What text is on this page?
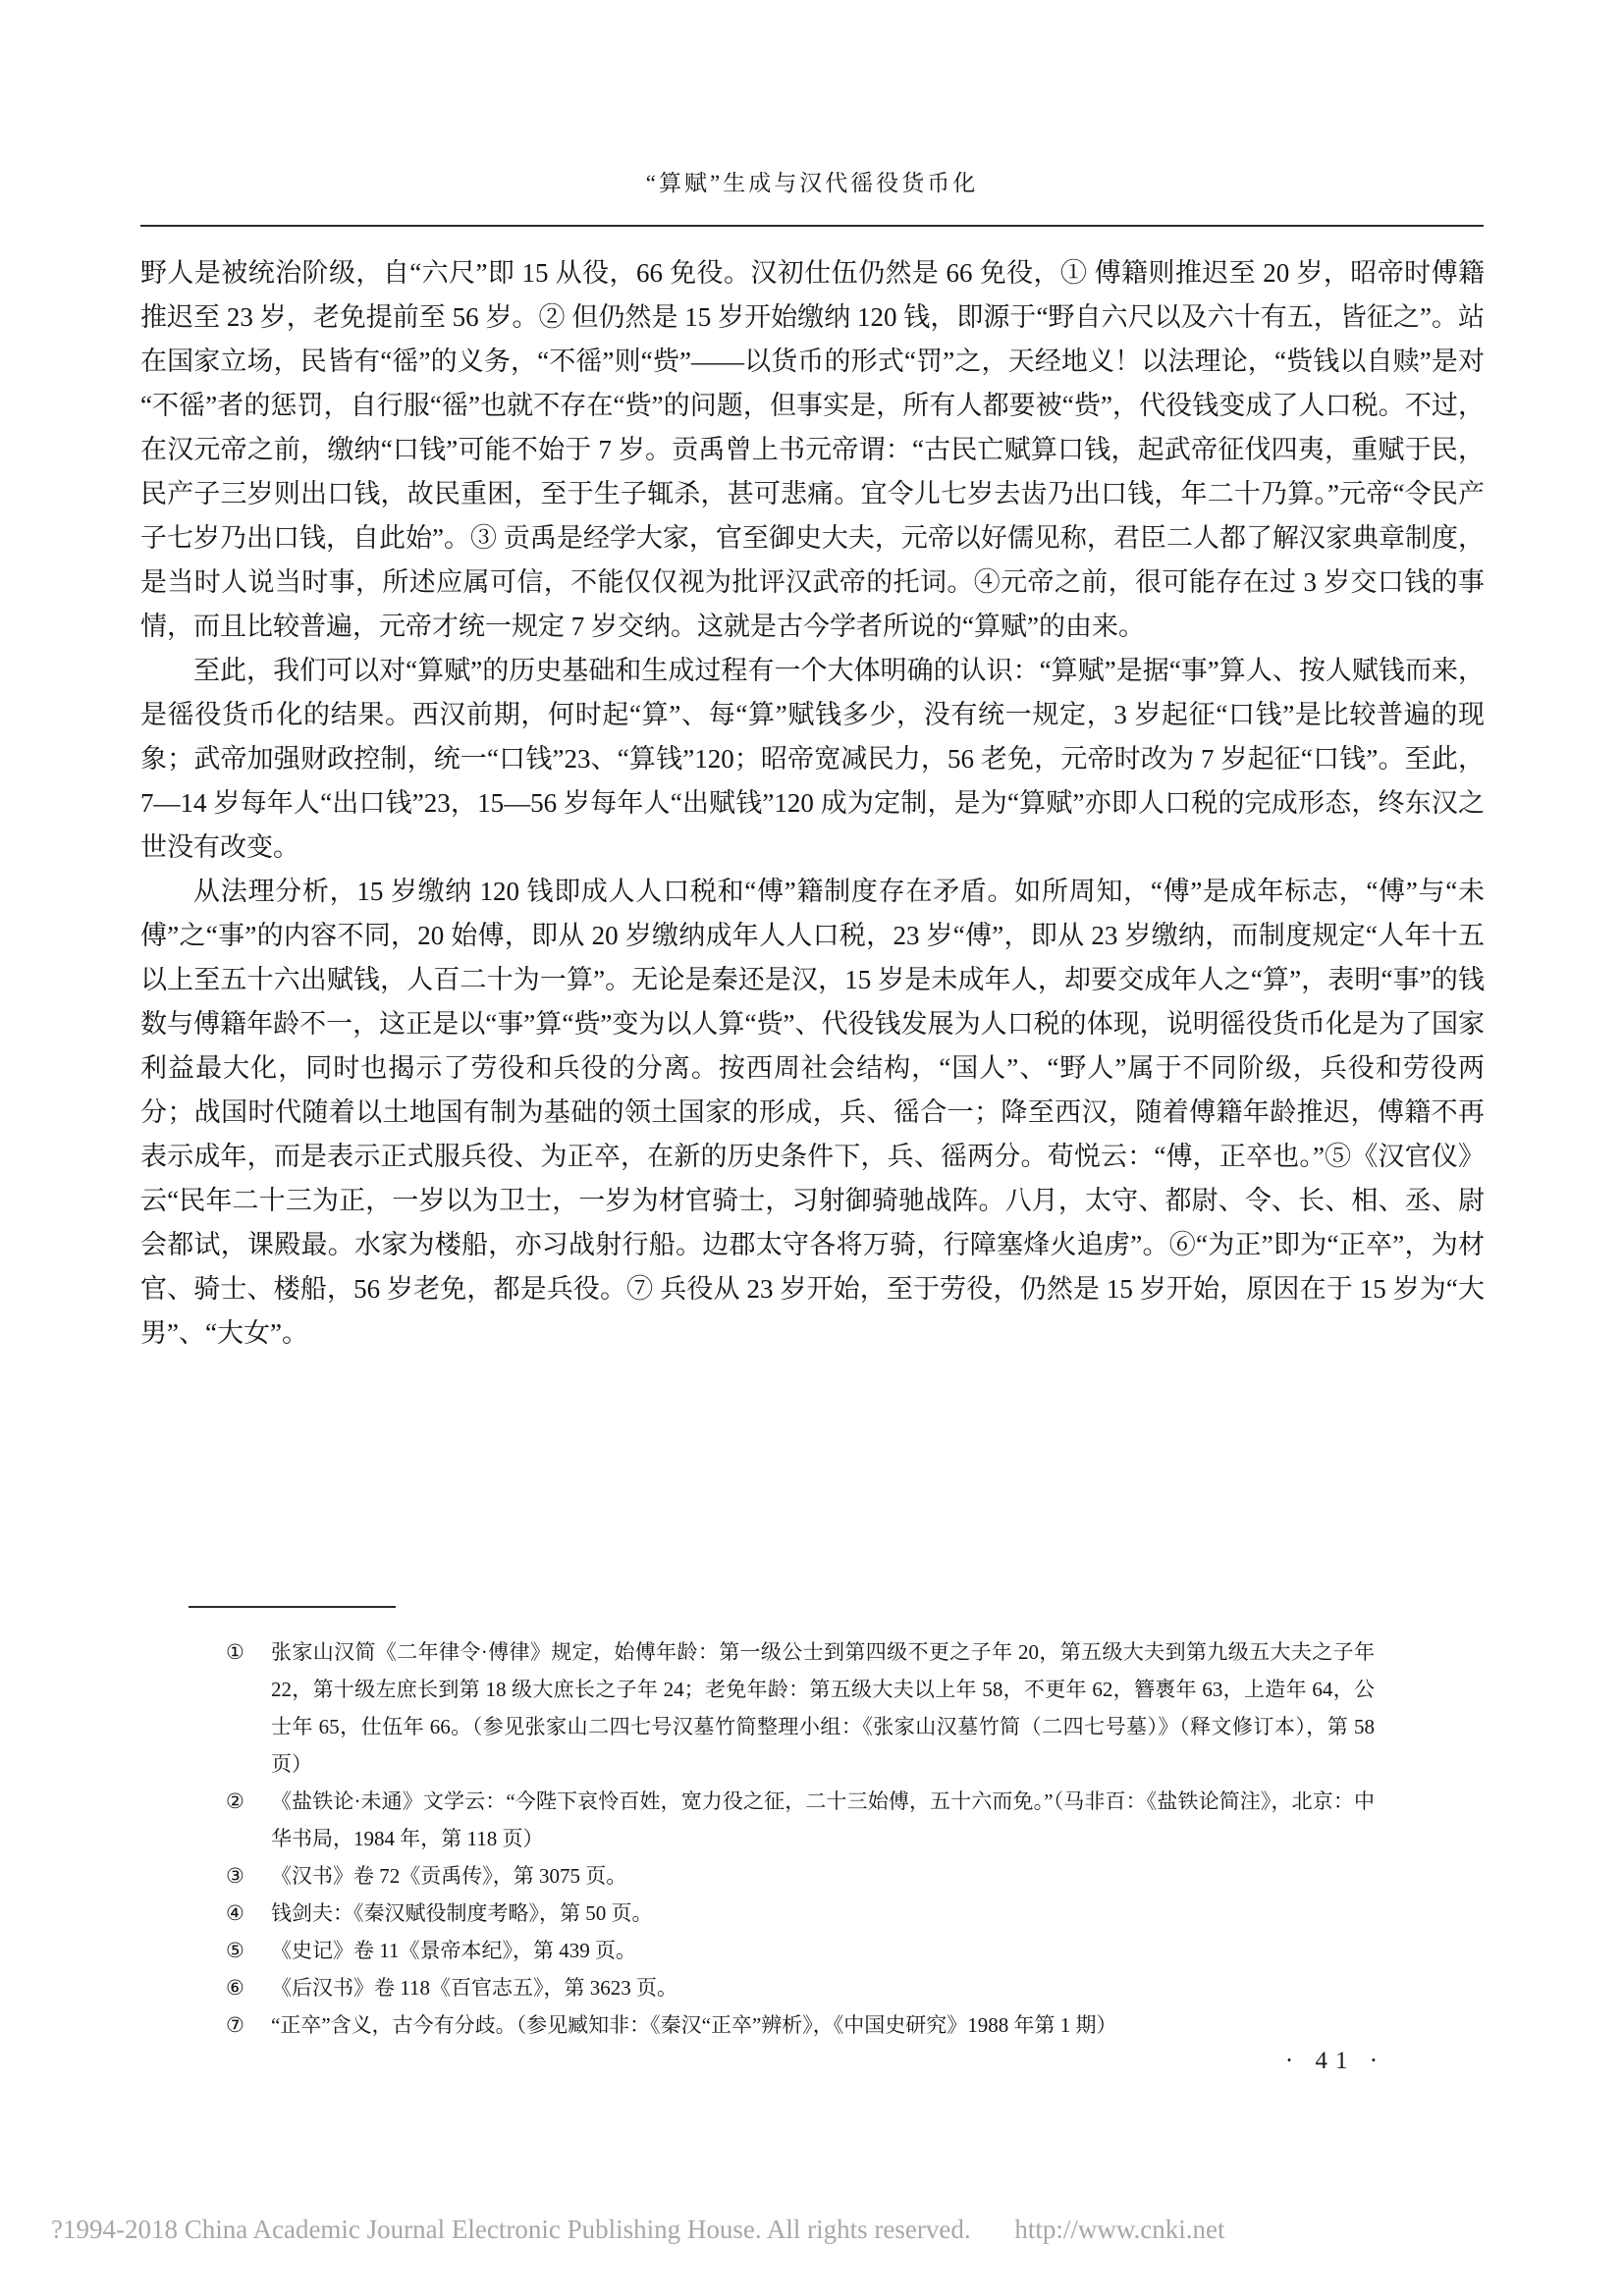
“算赋”生成与汉代徭役货币化

野人是被统治阶级，自“六尺”即 15 从役，66 免役。汉初仕伍仍然是 66 免役，① 傅籍则推迟至 20 岁，昭帝时傅籍推迟至 23 岁，老免提前至 56 岁。② 但仍然是 15 岁开始缴纳 120 钱，即源于“野自六尺以及六十有五，皆征之”。站在国家立场，民皆有“徭”的义务，“不徭”则“赀”——以货币的形式“罚”之，天经地义！以法理论，“赀钱以自赎”是对“不徭”者的惩罚，自行服“徭”也就不存在“赀”的问题，但事实是，所有人都要被“赀”，代役钱变成了人口税。不过，在汉元帝之前，缴纳“口钱”可能不始于 7 岁。贡禹曾上书元帝谓：“古民亡赋算口钱，起武帝征伐四夷，重赋于民，民产子三岁则出口钱，故民重困，至于生子辄杀，甚可悲痛。宜令儿七岁去齿乃出口钱，年二十乃算。”元帝“令民产子七岁乃出口钱，自此始”。③ 贡禹是经学大家，官至御史大夫，元帝以好儒见称，君臣二人都了解汉家典章制度，是当时人说当时事，所述应属可信，不能仅仅视为批评汉武帝的托词。④元帝之前，很可能存在过 3 岁交口钱的事情，而且比较普遍，元帝才统一规定 7 岁交纳。这就是古今学者所说的“算赋”的由来。

至此，我们可以对“算赋”的历史基础和生成过程有一个大体明确的认识：“算赋”是据“事”算人、按人赋钱而来，是徭役货币化的结果。西汉前期，何时起“算”、每“算”赋钱多少，没有统一规定，3 岁起征“口钱”是比较普遍的现象；武帝加强财政控制，统一“口钱”23、“算钱”120；昭帝宽减民力，56 老免，元帝时改为 7 岁起征“口钱”。至此，7—14 岁每年人“出口钱”23，15—56 岁每年人“出赋钱”120 成为定制，是为“算赋”亦即人口税的完成形态，终东汉之世没有改变。

从法理分析，15 岁缴纳 120 钱即成人人口税和“傅”籍制度存在矛盾。如所周知，“傅”是成年标志，“傅”与“未傅”之“事”的内容不同，20 始傅，即从 20 岁缴纳成年人人口税，23 岁“傅”，即从 23 岁缴纳，而制度规定“人年十五以上至五十六出赋钱，人百二十为一算”。无论是秦还是汉，15 岁是未成年人，却要交成年人之“算”，表明“事”的钱数与傅籍年龄不一，这正是以“事”算“赀”变为以人算“赀”、代役钱发展为人口税的体现，说明徭役货币化是为了国家利益最大化，同时也揭示了劳役和兵役的分离。按西周社会结构，“国人”、“野人”属于不同阶级，兵役和劳役两分；战国时代随着以土地国有制为基础的领土国家的形成，兵、徭合一；降至西汉，随着傅籍年龄推迟，傅籍不再表示成年，而是表示正式服兵役、为正卒，在新的历史条件下，兵、徭两分。荀悦云：“傅，正卒也。”⑤《汉官仪》云“民年二十三为正，一岁以为卫士，一岁为材官骑士，习射御骑驰战阵。八月，太守、都尉、令、长、相、丞、尉会都试，课殿最。水家为楼船，亦习战射行船。边郡太守各将万骑，行障塞烽火追虏”。⑥“为正”即为“正卒”，为材官、骑士、楼船，56 岁老免，都是兵役。⑦ 兵役从 23 岁开始，至于劳役，仍然是 15 岁开始，原因在于 15 岁为“大男”、“大女”。

① 张家山汉简《二年律令·傅律》规定，始傅年龄：第一级公士到第四级不更之子年 20，第五级大夫到第九级五大夫之子年 22，第十级左庶长到第 18 级大庶长之子年 24；老免年龄：第五级大夫以上年 58，不更年 62，簪褭年 63，上造年 64，公士年 65，仕伍年 66。（参见张家山二四七号汉墓竹简整理小组：《张家山汉墓竹简（二四七号墓）》（释文修订本），第 58 页）
② 《盐铁论·未通》文学云：“今陛下哀怜百姓，宽力役之征，二十三始傅，五十六而免。”（马非百：《盐铁论简注》，北京：中华书局，1984 年，第 118 页）
③ 《汉书》卷 72《贡禹传》，第 3075 页。
④ 钱剑夫：《秦汉赋役制度考略》，第 50 页。
⑤ 《史记》卷 11《景帝本纪》，第 439 页。
⑥ 《后汉书》卷 118《百官志五》，第 3623 页。
⑦ “正卒”含义，古今有分歧。（参见臧知非：《秦汉“正卒”辨析》，《中国史研究》1988 年第 1 期）
· 41 ·
?1994-2018 China Academic Journal Electronic Publishing House. All rights reserved. http://www.cnki.net
